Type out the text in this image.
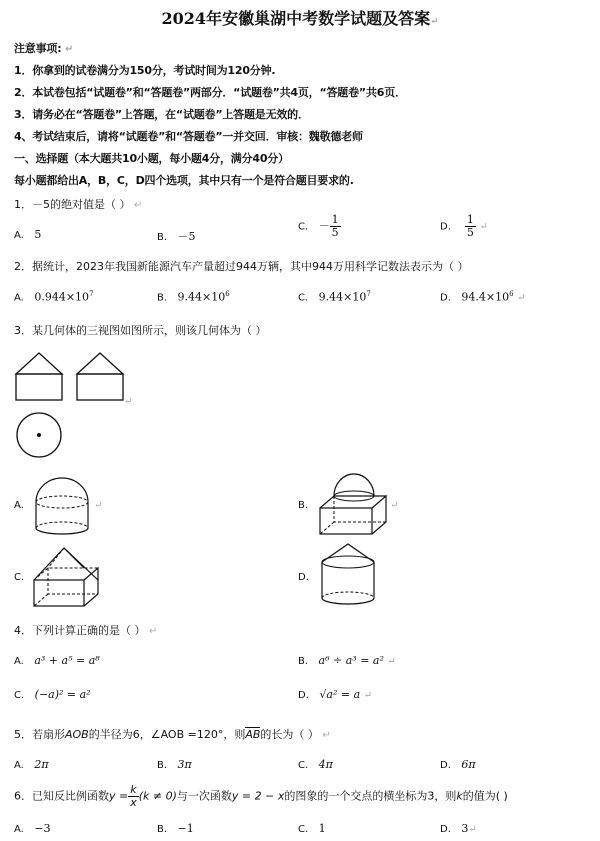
2024年安徽巢湖中考数学试题及答案↵
注意事项: ↵
1．你拿到的试卷满分为150分，考试时间为120分钟.
2．本试卷包括“试题卷”和“答题卷”两部分．“试题卷”共4页，“答题卷”共6页．
3．请务必在“答题卷”上答题，在“试题卷”上答题是无效的．
4、考试结束后，请将“试题卷”和“答题卷”一并交回．审核：魏敬德老师
一、选择题（本大题共10小题，每小题4分，满分40分）
每小题都给出A，B，C，D四个选项，其中只有一个是符合题目要求的.
1．－5的绝对值是（ ） ↵
A. 5	B. －5
C. － $\frac{1}{5}$	D. $\frac{1}{5}$ ↵
2．据统计，2023年我国新能源汽车产量超过944万辆，其中944万用科学记数法表示为（ ）
A. $0.944\times 10^7$	B. $9.44\times 10^6$	C. $9.44\times 10^7$	D. $94.4\times 10^6$ ↵
3．某几何体的三视图如图所示，则该几何体为（ ）
↵
A.	↵	B.	↵
C.	D.
4．下列计算正确的是（ ） ↵
A. a³ + a⁵ = a⁸	B. a⁶ ÷ a³ = a² ↵
C. (−a)² = a²	D. √a² = a ↵
5．若扇形AOB的半径为6，∠AOB =120°，则AB的长为（ ） ↵
A. 2π	B. 3π	C. 4π	D. 6π
6．已知反比例函数$y = \frac{k}{x} (k \ne 0)$与一次函数y = 2 − x的图象的一个交点的横坐标为3，则k的值为( )
A. −3	B. −1	C. 1	D. 3↵
